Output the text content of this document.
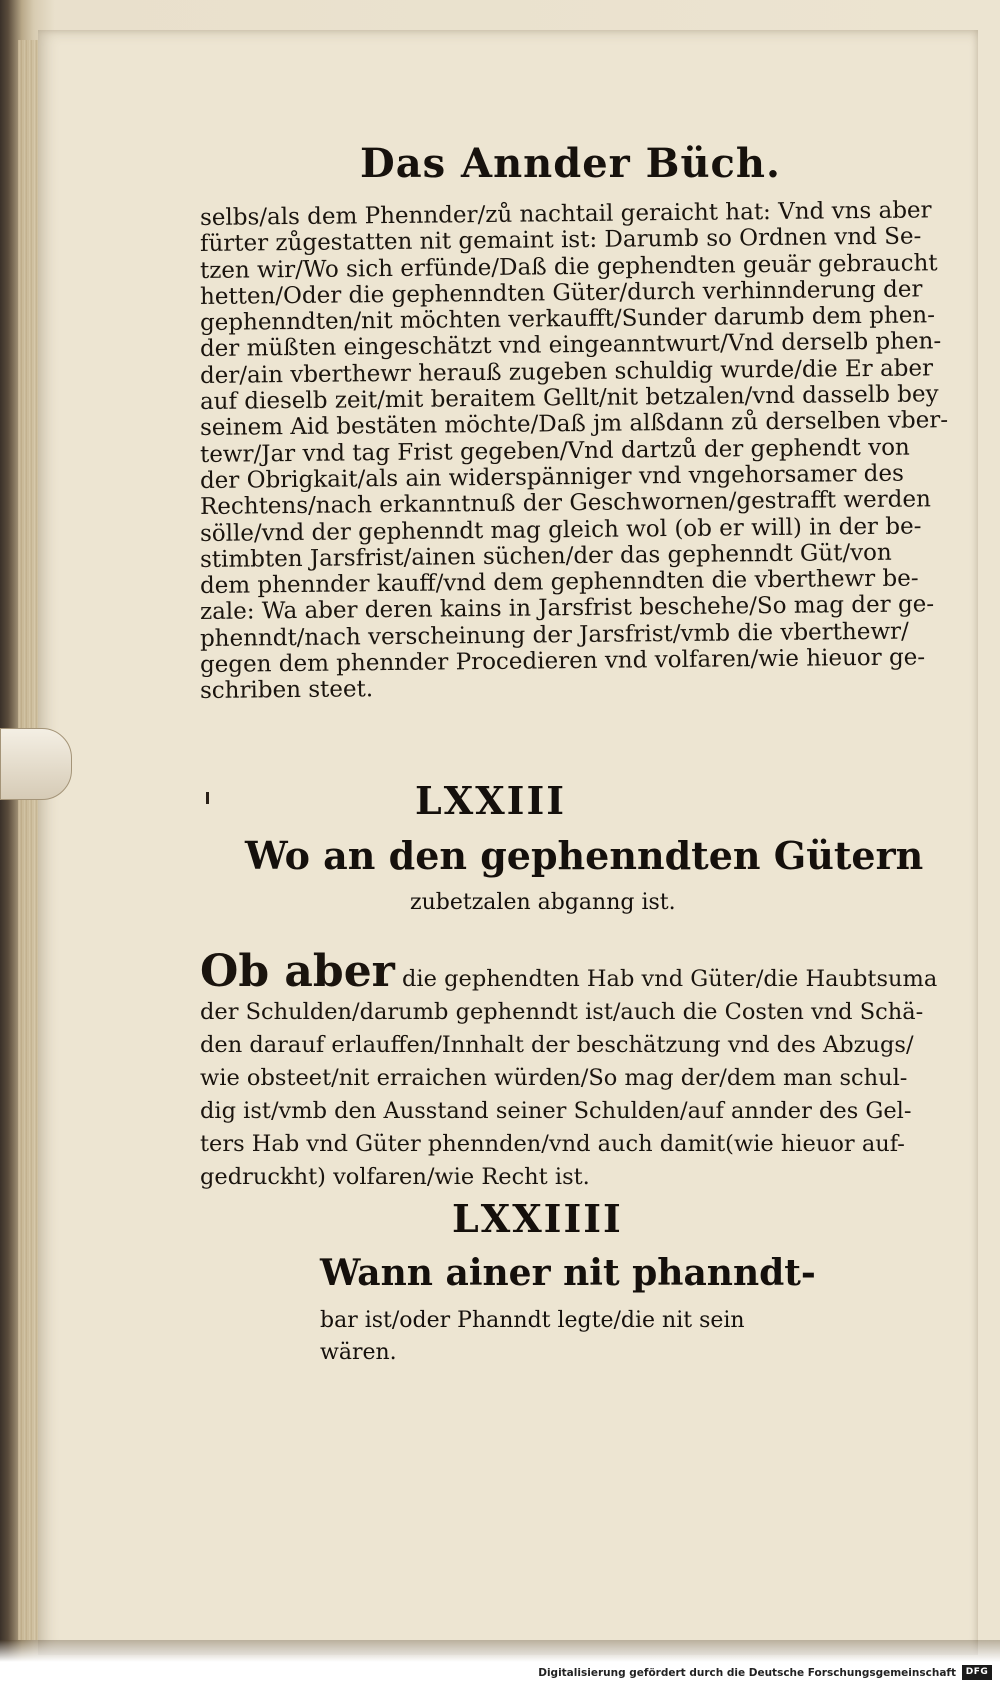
Das Annder Büch.
selbs/als dem Phennder/zů nachtail geraicht hat: Vnd vns aber
fürter zůgestatten nit gemaint ist: Darumb so Ordnen vnd Se-
tzen wir/Wo sich erfünde/Daß die gephendten geuär gebraucht
hetten/Oder die gephenndten Güter/durch verhinnderung der
gephenndten/nit möchten verkaufft/Sunder darumb dem phen-
der müßten eingeschätzt vnd eingeanntwurt/Vnd derselb phen-
der/ain vberthewr herauß zugeben schuldig wurde/die Er aber
auf dieselb zeit/mit beraitem Gellt/nit betzalen/vnd dasselb bey
seinem Aid bestäten möchte/Daß jm alßdann zů derselben vber-
tewr/Jar vnd tag Frist gegeben/Vnd dartzů der gephendt von
der Obrigkait/als ain widerspänniger vnd vngehorsamer des
Rechtens/nach erkanntnuß der Geschwornen/gestrafft werden
sölle/vnd der gephenndt mag gleich wol (ob er will) in der be-
stimbten Jarsfrist/ainen süchen/der das gephenndt Güt/von
dem phennder kauff/vnd dem gephenndten die vberthewr be-
zale: Wa aber deren kains in Jarsfrist beschehe/So mag der ge-
phenndt/nach verscheinung der Jarsfrist/vmb die vberthewr/
gegen dem phennder Procedieren vnd volfaren/wie hieuor ge-
schriben steet.
LXXIII
Wo an den gephenndten Gütern
zubetzalen abganng ist.
Ob aber die gephendten Hab vnd Güter/die Haubtsuma
der Schulden/darumb gephenndt ist/auch die Costen vnd Schä-
den darauf erlauffen/Innhalt der beschätzung vnd des Abzugs/
wie obsteet/nit erraichen würden/So mag der/dem man schul-
dig ist/vmb den Ausstand seiner Schulden/auf annder des Gel-
ters Hab vnd Güter phennden/vnd auch damit(wie hieuor auf-
gedruckht) volfaren/wie Recht ist.
LXXIIII
Wann ainer nit phanndt-
bar ist/oder Phanndt legte/die nit sein
wären.
Digitalisierung gefördert durch die Deutsche Forschungsgemeinschaft	DFG
